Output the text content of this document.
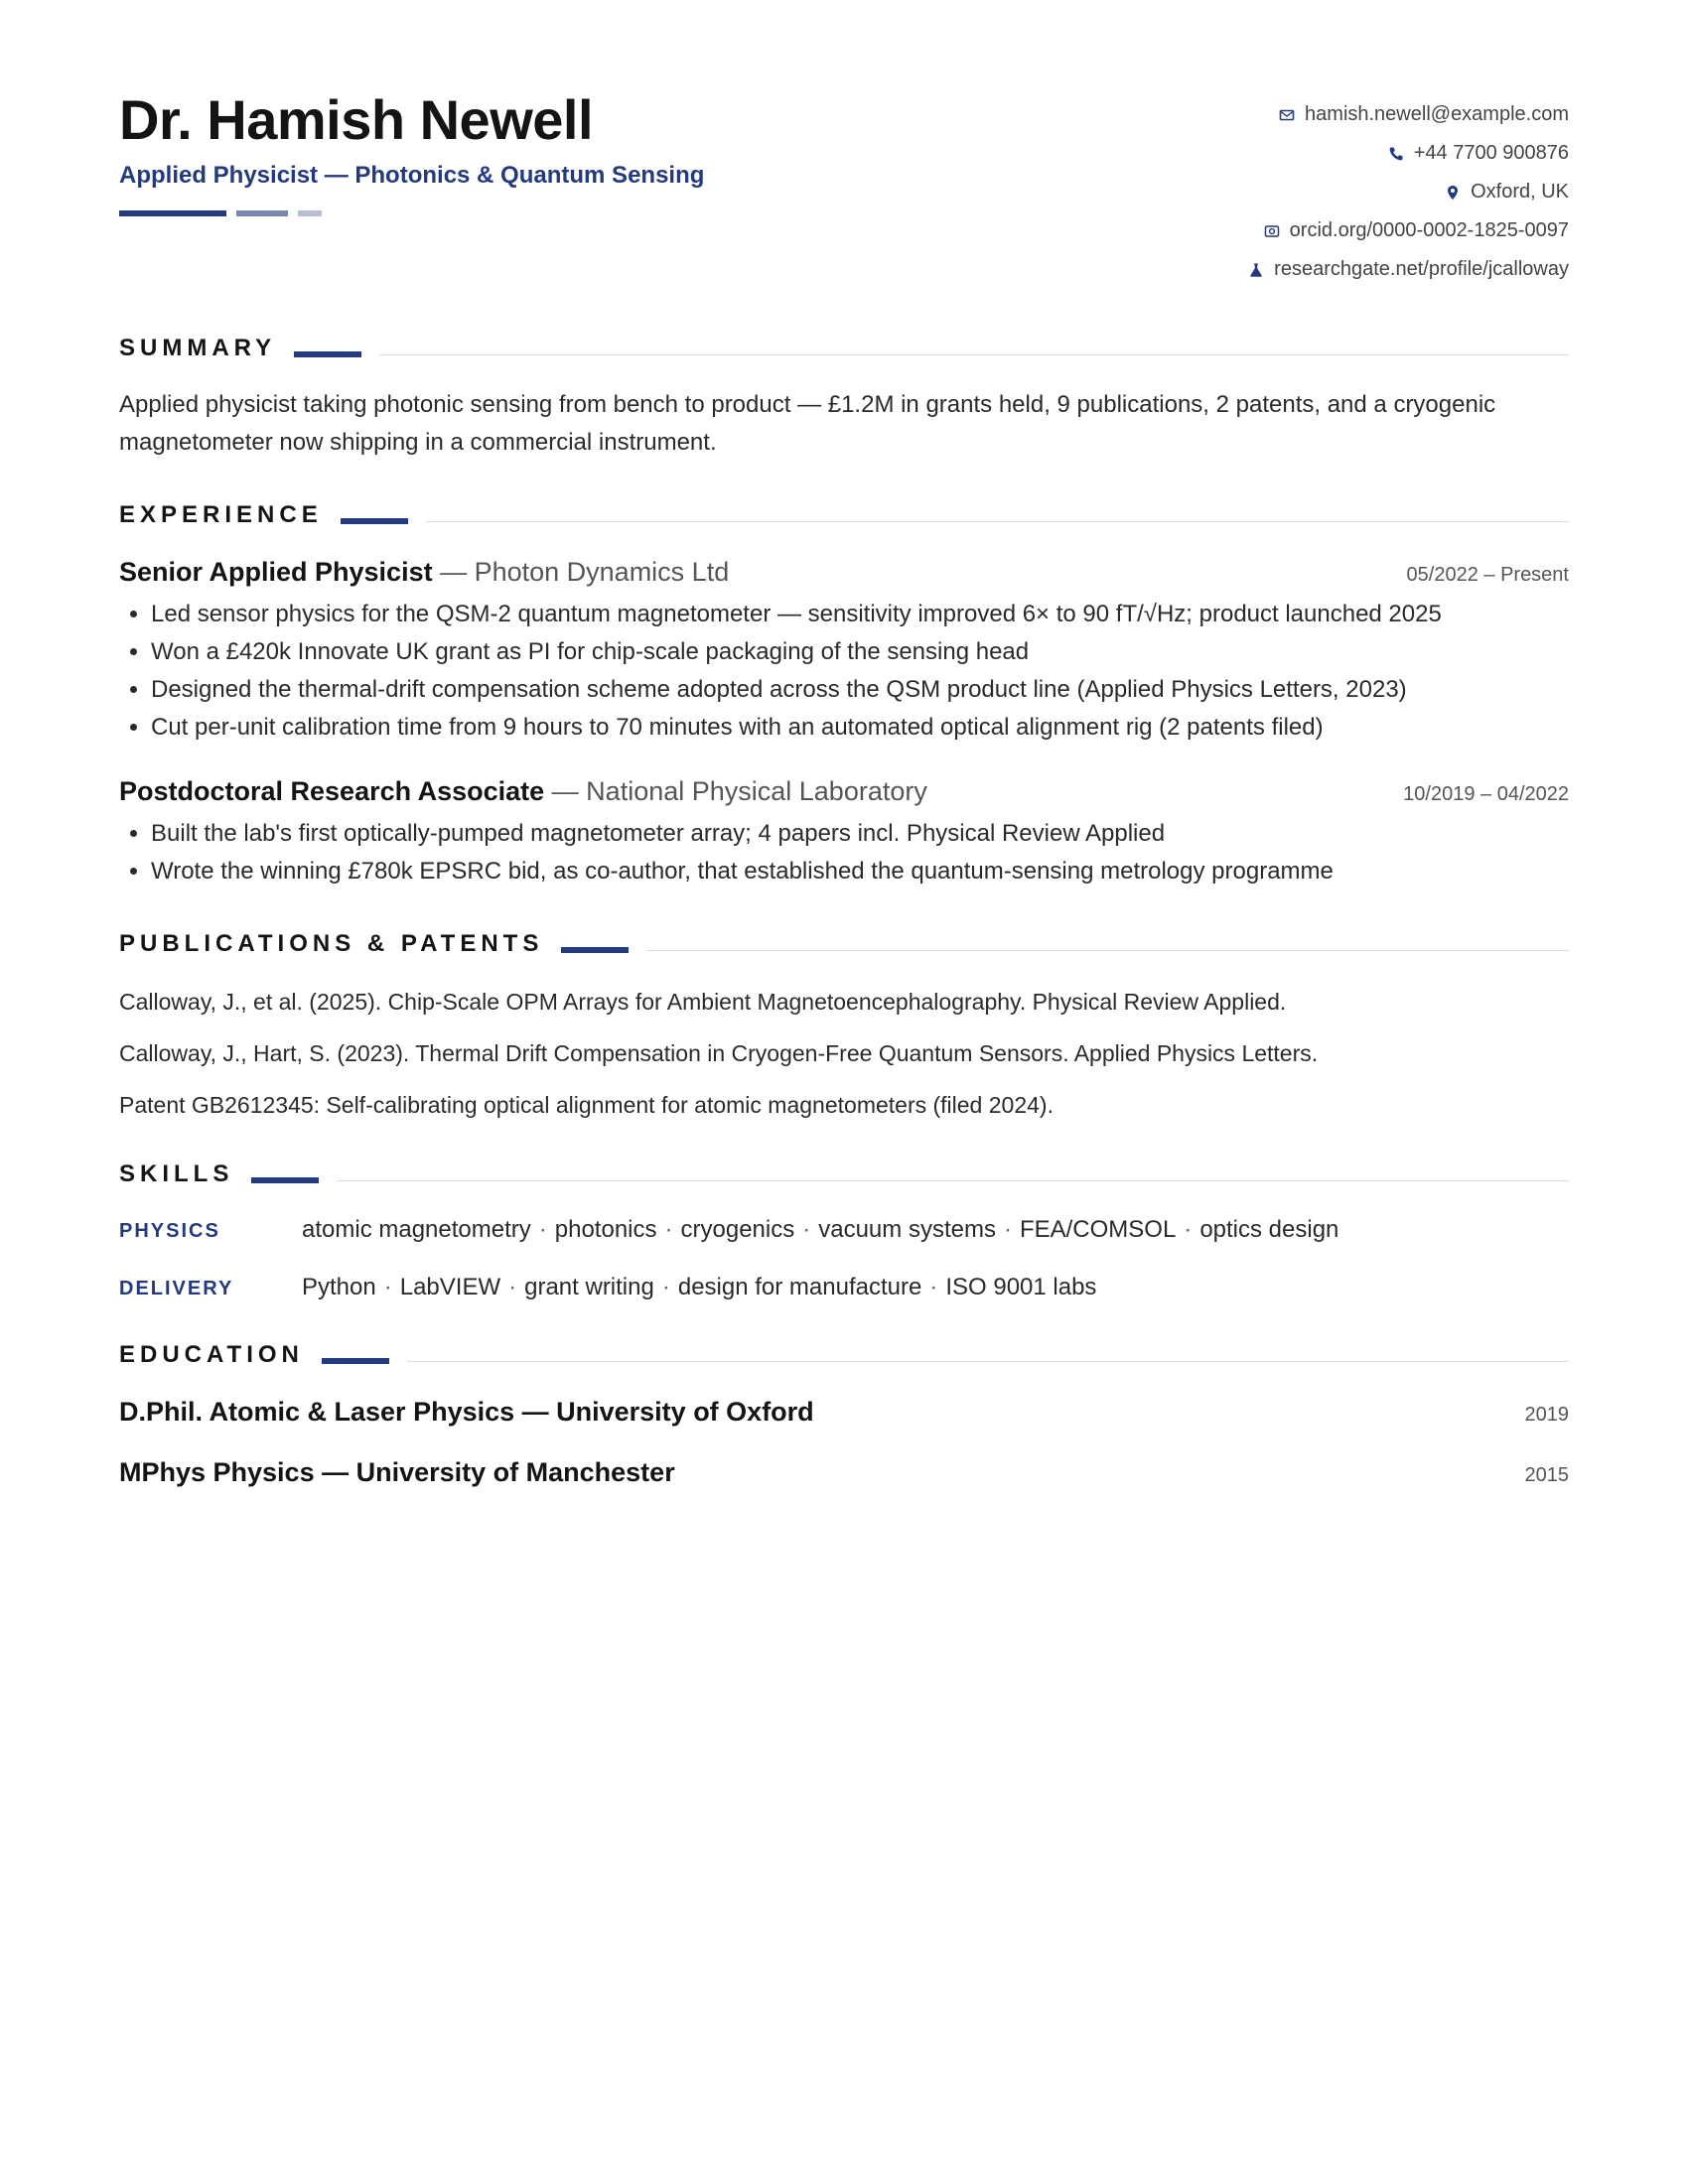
Dr. Hamish Newell
Applied Physicist — Photonics & Quantum Sensing
hamish.newell@example.com
+44 7700 900876
Oxford, UK
orcid.org/0000-0002-1825-0097
researchgate.net/profile/jcalloway
SUMMARY
Applied physicist taking photonic sensing from bench to product — £1.2M in grants held, 9 publications, 2 patents, and a cryogenic magnetometer now shipping in a commercial instrument.
EXPERIENCE
Senior Applied Physicist — Photon Dynamics Ltd	05/2022 – Present
• Led sensor physics for the QSM-2 quantum magnetometer — sensitivity improved 6× to 90 fT/√Hz; product launched 2025
• Won a £420k Innovate UK grant as PI for chip-scale packaging of the sensing head
• Designed the thermal-drift compensation scheme adopted across the QSM product line (Applied Physics Letters, 2023)
• Cut per-unit calibration time from 9 hours to 70 minutes with an automated optical alignment rig (2 patents filed)
Postdoctoral Research Associate — National Physical Laboratory	10/2019 – 04/2022
• Built the lab's first optically-pumped magnetometer array; 4 papers incl. Physical Review Applied
• Wrote the winning £780k EPSRC bid, as co-author, that established the quantum-sensing metrology programme
PUBLICATIONS & PATENTS
Calloway, J., et al. (2025). Chip-Scale OPM Arrays for Ambient Magnetoencephalography. Physical Review Applied.
Calloway, J., Hart, S. (2023). Thermal Drift Compensation in Cryogen-Free Quantum Sensors. Applied Physics Letters.
Patent GB2612345: Self-calibrating optical alignment for atomic magnetometers (filed 2024).
SKILLS
PHYSICS	atomic magnetometry · photonics · cryogenics · vacuum systems · FEA/COMSOL · optics design
DELIVERY	Python · LabVIEW · grant writing · design for manufacture · ISO 9001 labs
EDUCATION
D.Phil. Atomic & Laser Physics — University of Oxford	2019
MPhys Physics — University of Manchester	2015
